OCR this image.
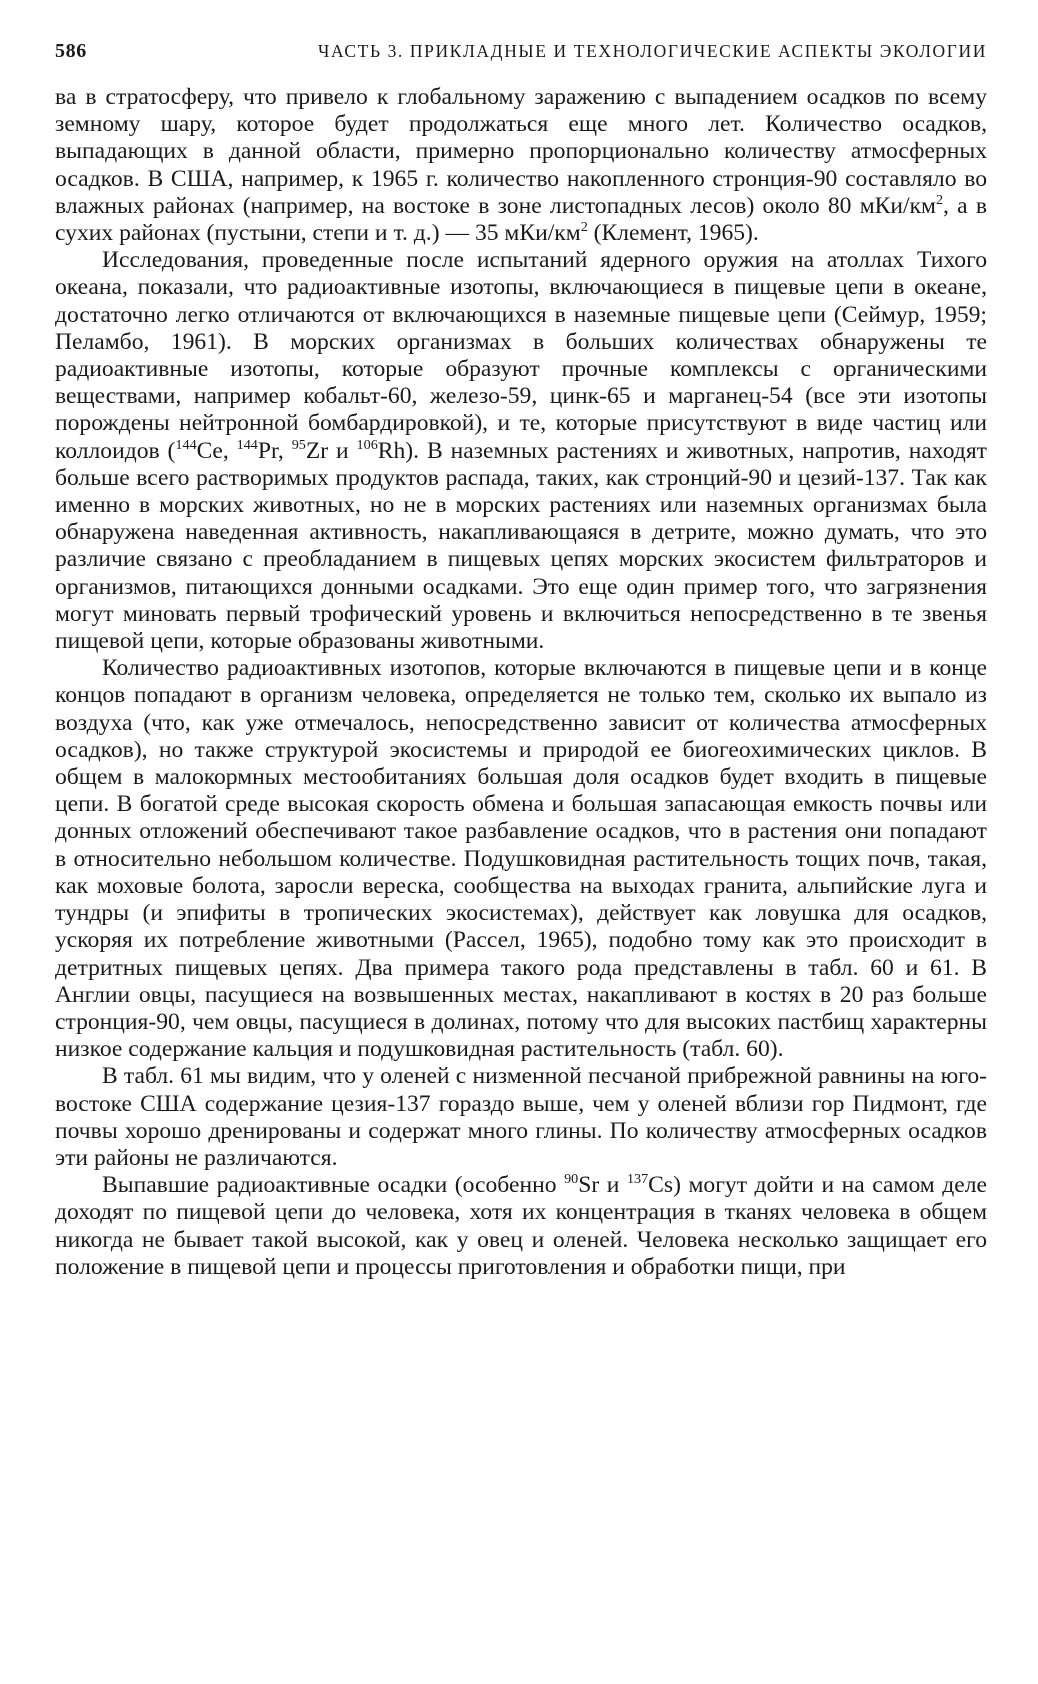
586	ЧАСТЬ 3. ПРИКЛАДНЫЕ И ТЕХНОЛОГИЧЕСКИЕ АСПЕКТЫ ЭКОЛОГИИ

ва в стратосферу, что привело к глобальному заражению с выпадением осадков по всему земному шару, которое будет продолжаться еще много лет. Количество осадков, выпадающих в данной области, примерно пропорционально количеству атмосферных осадков. В США, например, к 1965 г. количество накопленного стронция-90 составляло во влажных районах (например, на востоке в зоне листопадных лесов) около 80 мКи/$км^2$, а в сухих районах (пустыни, степи и т. д.) — 35 мКи/$км^2$ (Клемент, 1965).

Исследования, проведенные после испытаний ядерного оружия на атоллах Тихого океана, показали, что радиоактивные изотопы, включающиеся в пищевые цепи в океане, достаточно легко отличаются от включающихся в наземные пищевые цепи (Сеймур, 1959; Пеламбо, 1961). В морских организмах в больших количествах обнаружены те радиоактивные изотопы, которые образуют прочные комплексы с органическими веществами, например кобальт-60, железо-59, цинк-65 и марганец-54 (все эти изотопы порождены нейтронной бомбардировкой), и те, которые присутствуют в виде частиц или коллоидов ($^{144}$Ce, $^{144}$Pr, $^{95}$Zr и $^{106}$Rh). В наземных растениях и животных, напротив, находят больше всего растворимых продуктов распада, таких, как стронций-90 и цезий-137. Так как именно в морских животных, но не в морских растениях или наземных организмах была обнаружена наведенная активность, накапливающаяся в детрите, можно думать, что это различие связано с преобладанием в пищевых цепях морских экосистем фильтраторов и организмов, питающихся донными осадками. Это еще один пример того, что загрязнения могут миновать первый трофический уровень и включиться непосредственно в те звенья пищевой цепи, которые образованы животными.

Количество радиоактивных изотопов, которые включаются в пищевые цепи и в конце концов попадают в организм человека, определяется не только тем, сколько их выпало из воздуха (что, как уже отмечалось, непосредственно зависит от количества атмосферных осадков), но также структурой экосистемы и природой ее биогеохимических циклов. В общем в малокормных местообитаниях большая доля осадков будет входить в пищевые цепи. В богатой среде высокая скорость обмена и большая запасающая емкость почвы или донных отложений обеспечивают такое разбавление осадков, что в растения они попадают в относительно небольшом количестве. Подушковидная растительность тощих почв, такая, как моховые болота, заросли вереска, сообщества на выходах гранита, альпийские луга и тундры (и эпифиты в тропических экосистемах), действует как ловушка для осадков, ускоряя их потребление животными (Рассел, 1965), подобно тому как это происходит в детритных пищевых цепях. Два примера такого рода представлены в табл. 60 и 61. В Англии овцы, пасущиеся на возвышенных местах, накапливают в костях в 20 раз больше стронция-90, чем овцы, пасущиеся в долинах, потому что для высоких пастбищ характерны низкое содержание кальция и подушковидная растительность (табл. 60).

В табл. 61 мы видим, что у оленей с низменной песчаной прибрежной равнины на юго-востоке США содержание цезия-137 гораздо выше, чем у оленей вблизи гор Пидмонт, где почвы хорошо дренированы и содержат много глины. По количеству атмосферных осадков эти районы не различаются.

Выпавшие радиоактивные осадки (особенно $^{90}$Sr и $^{137}$Cs) могут дойти и на самом деле доходят по пищевой цепи до человека, хотя их концентрация в тканях человека в общем никогда не бывает такой высокой, как у овец и оленей. Человека несколько защищает его положение в пищевой цепи и процессы приготовления и обработки пищи, при
